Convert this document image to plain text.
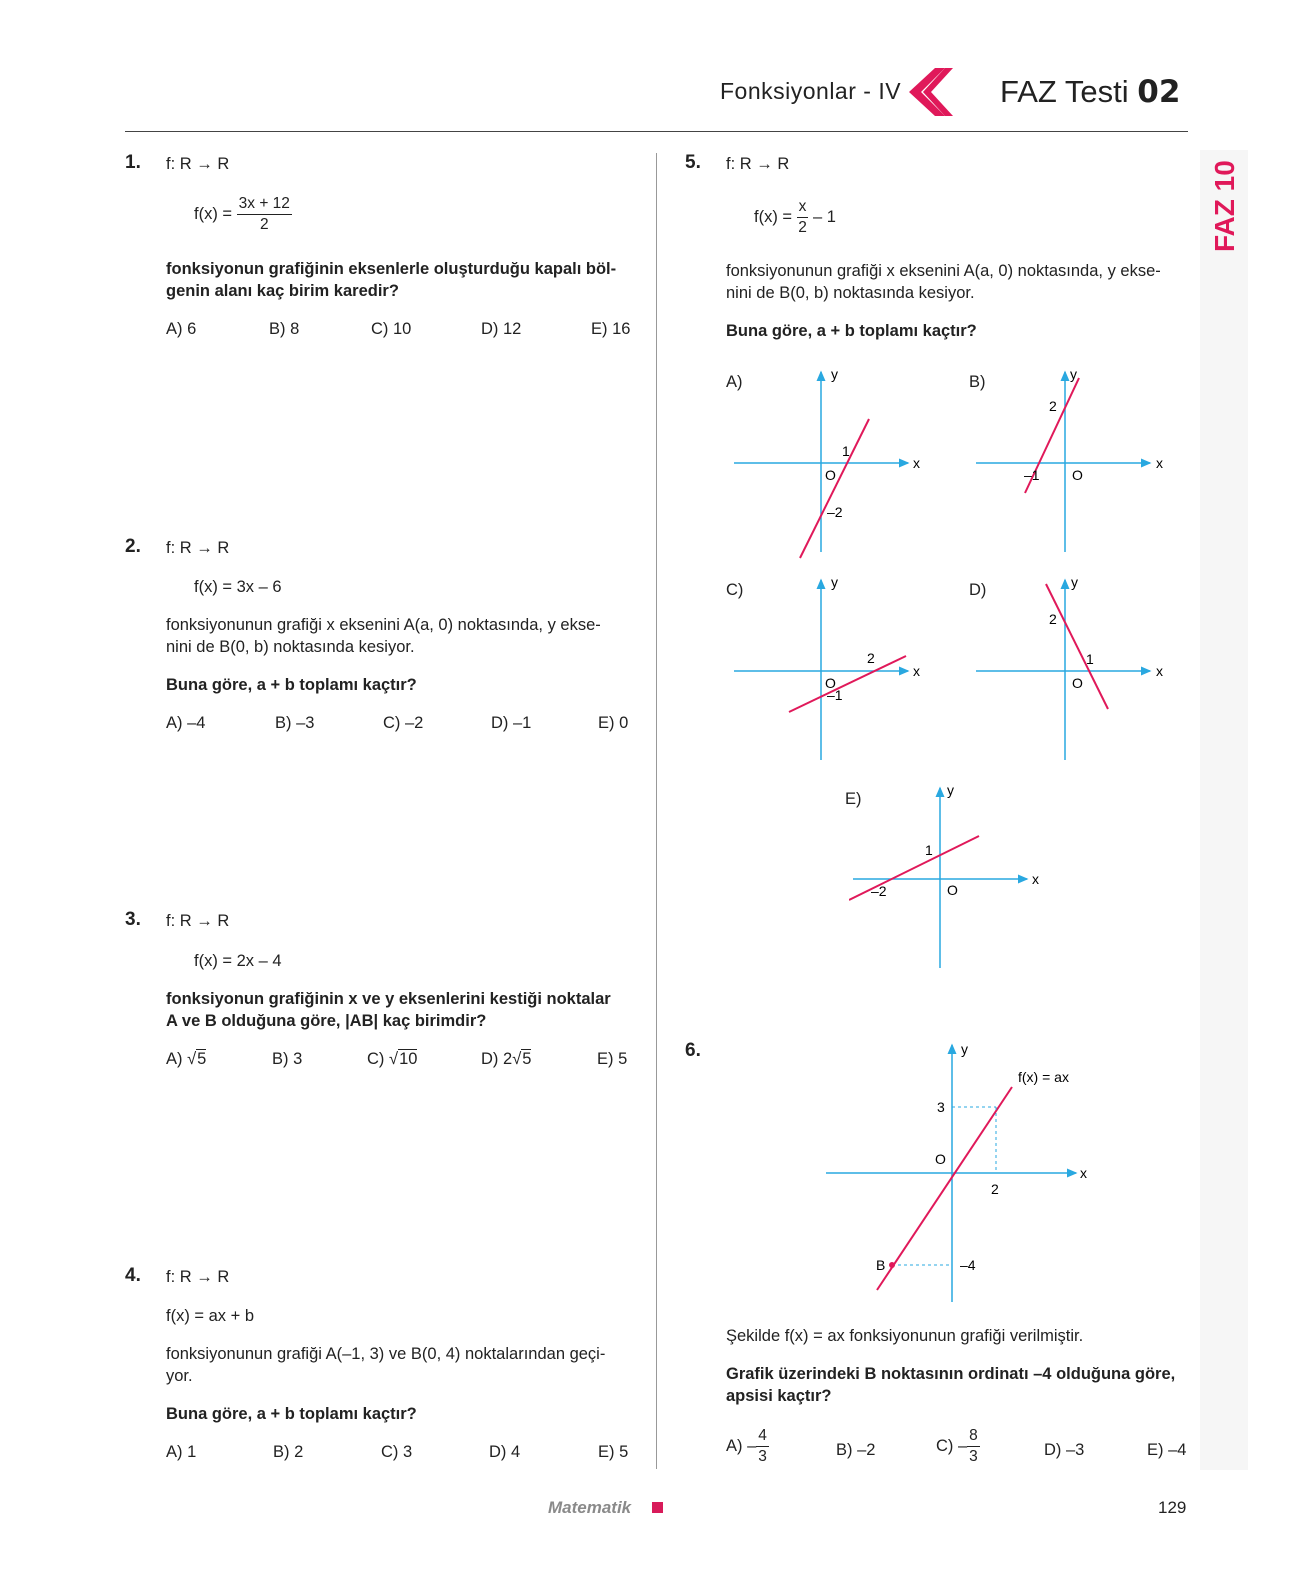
Fonksiyonlar - IV	FAZ Testi 02
FAZ 10
1. f: R → R
$f(x) = \frac{3x + 12}{2}$
fonksiyonun grafiğinin eksenlerle oluşturduğu kapalı böl-
genin alanı kaç birim karedir?
A) 6	B) 8	C) 10	D) 12	E) 16
2. f: R → R
f(x) = 3x – 6
fonksiyonunun grafiği x eksenini A(a, 0) noktasında, y ekse-
nini de B(0, b) noktasında kesiyor.
Buna göre, a + b toplamı kaçtır?
A) –4	B) –3	C) –2	D) –1	E) 0
3. f: R → R
f(x) = 2x – 4
fonksiyonun grafiğinin x ve y eksenlerini kestiği noktalar
A ve B olduğuna göre, |AB| kaç birimdir?
A) √5	B) 3	C) √10	D) 2√5	E) 5
4. f: R → R
f(x) = ax + b
fonksiyonunun grafiği A(–1, 3) ve B(0, 4) noktalarından geçi-
yor.
Buna göre, a + b toplamı kaçtır?
A) 1	B) 2	C) 3	D) 4	E) 5
5. f: R → R
$f(x) = \frac{x}{2} - 1$
fonksiyonunun grafiği x eksenini A(a, 0) noktasında, y ekse-
nini de B(0, b) noktasında kesiyor.
Buna göre, a + b toplamı kaçtır?
A)	y
x
O
1
–2
B)	y
x
O
2
–1
C)	y
x
O
2
–1
D)	y
x
O
2
1
E)	y
x
O
1
–2
6.	y
x
O
3
2
–4
B
f(x) = ax
Şekilde f(x) = ax fonksiyonunun grafiği verilmiştir.
Grafik üzerindeki B noktasının ordinatı –4 olduğuna göre,
apsisi kaçtır?
$A) - \frac{4}{3}$	B) –2	$C) - \frac{8}{3}$	D) –3	E) –4
Matematik	129
